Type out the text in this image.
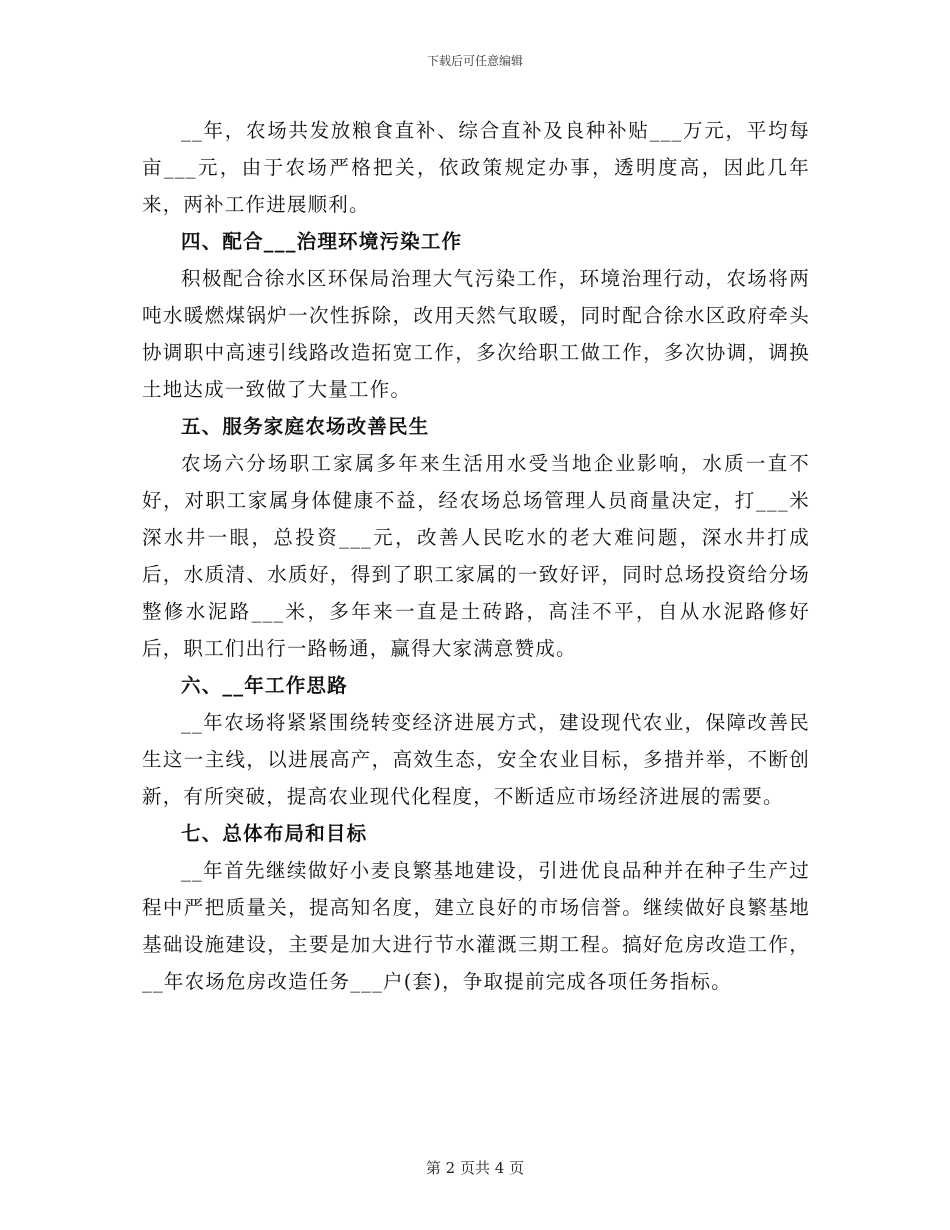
下载后可任意编辑

__年，农场共发放粮食直补、综合直补及良种补贴___万元，平均每亩___元，由于农场严格把关，依政策规定办事，透明度高，因此几年来，两补工作进展顺利。

四、配合___治理环境污染工作

积极配合徐水区环保局治理大气污染工作，环境治理行动，农场将两吨水暖燃煤锅炉一次性拆除，改用天然气取暖，同时配合徐水区政府牵头协调职中高速引线路改造拓宽工作，多次给职工做工作，多次协调，调换土地达成一致做了大量工作。

五、服务家庭农场改善民生

农场六分场职工家属多年来生活用水受当地企业影响，水质一直不好，对职工家属身体健康不益，经农场总场管理人员商量决定，打___米深水井一眼，总投资___元，改善人民吃水的老大难问题，深水井打成后，水质清、水质好，得到了职工家属的一致好评，同时总场投资给分场整修水泥路___米，多年来一直是土砖路，高洼不平，自从水泥路修好后，职工们出行一路畅通，赢得大家满意赞成。

六、__年工作思路

__年农场将紧紧围绕转变经济进展方式，建设现代农业，保障改善民生这一主线，以进展高产，高效生态，安全农业目标，多措并举，不断创新，有所突破，提高农业现代化程度，不断适应市场经济进展的需要。

七、总体布局和目标

__年首先继续做好小麦良繁基地建设，引进优良品种并在种子生产过程中严把质量关，提高知名度，建立良好的市场信誉。继续做好良繁基地基础设施建设，主要是加大进行节水灌溉三期工程。搞好危房改造工作，__年农场危房改造任务___户(套)，争取提前完成各项任务指标。

第 2 页共 4 页
